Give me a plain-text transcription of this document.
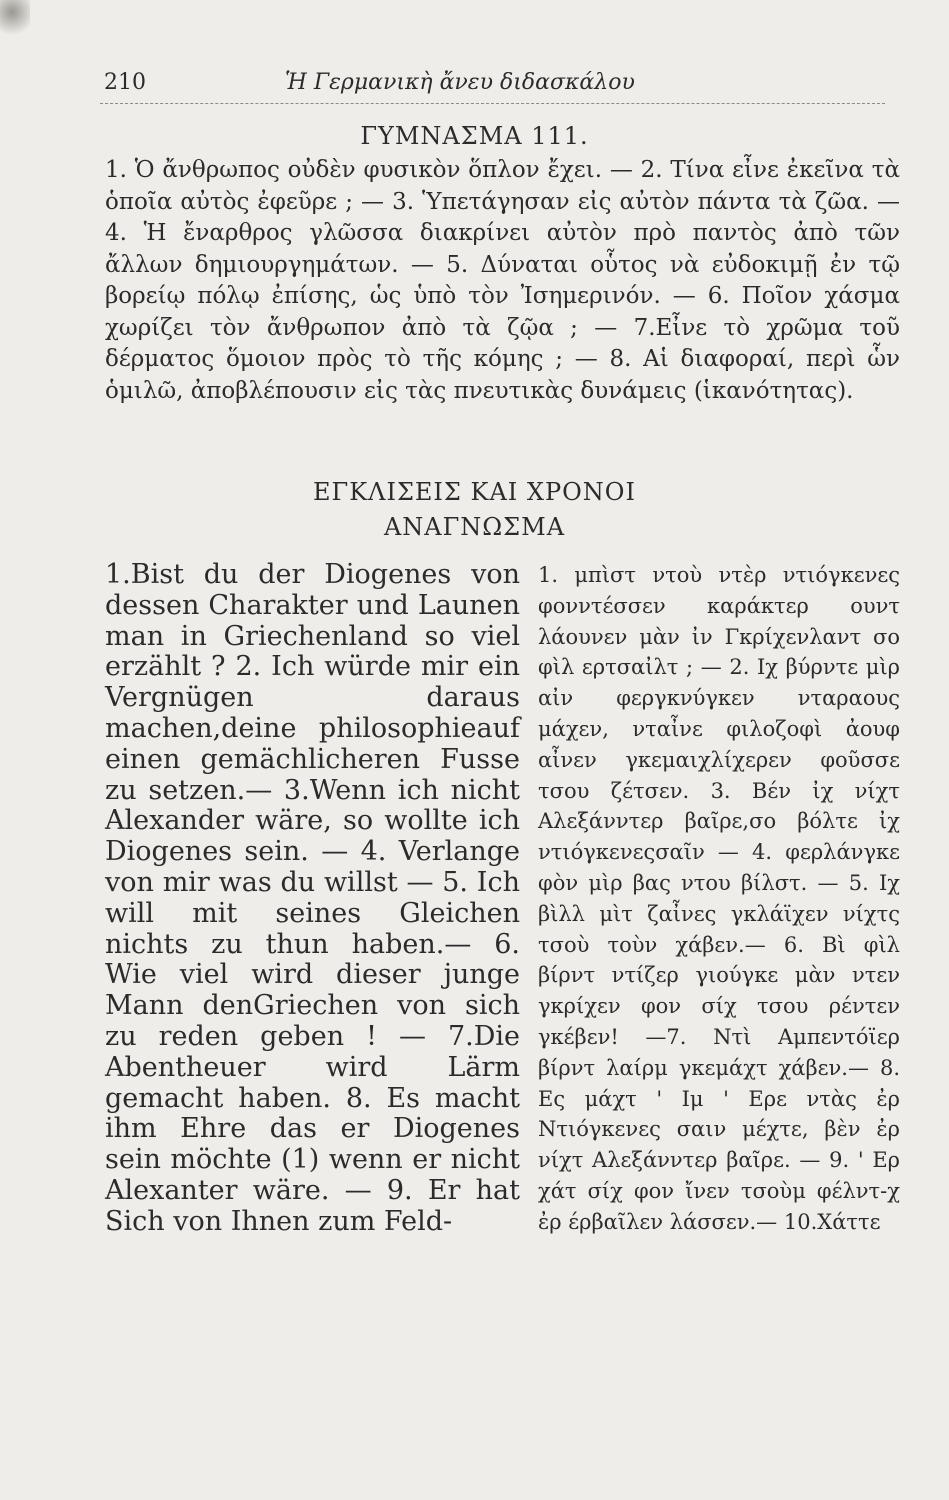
210	Ἡ Γερμανικὴ ἄνευ διδασκάλου
ΓΥΜΝΑΣΜΑ 111.
1. Ὁ ἄνθρωπος οὐδὲν φυσικὸν ὅπλον ἔχει. — 2. Τίνα εἶνε ἐκεῖνα τὰ ὁποῖα αὐτὸς ἐφεῦρε ; — 3. Ὑπετάγησαν εἰς αὐτὸν πάντα τὰ ζῶα. — 4. Ἡ ἔναρθρος γλῶσσα διακρίνει αὐτὸν πρὸ παντὸς ἀπὸ τῶν ἄλλων δημιουργημάτων. — 5. Δύναται οὗτος νὰ εὐδοκιμῇ ἐν τῷ βορείῳ πόλῳ ἐπίσης, ὡς ὑπὸ τὸν Ἰσημερινόν. — 6. Ποῖον χάσμα χωρίζει τὸν ἄνθρωπον ἀπὸ τὰ ζῷα ; — 7.Εἶνε τὸ χρῶμα τοῦ δέρματος ὅμοιον πρὸς τὸ τῆς κόμης ; — 8. Αἱ διαφοραί, περὶ ὧν ὁμιλῶ, ἀποβλέπουσιν εἰς τὰς πνευτικὰς δυνάμεις (ἱκανότητας).
ΕΓΚΛΙΣΕΙΣ ΚΑΙ ΧΡΟΝΟΙ
ΑΝΑΓΝΩΣΜΑ
1.Bist du der Diogenes von dessen Charakter und Launen man in Griechenland so viel erzählt ? 2. Ich würde mir ein Vergnügen daraus machen,deine philosophieauf einen gemächlicheren Fusse zu setzen.— 3.Wenn ich nicht Alexander wäre, so wollte ich Diogenes sein. — 4. Verlange von mir was du willst — 5. Ich will mit seines Gleichen nichts zu thun haben.— 6. Wie viel wird dieser junge Mann denGriechen von sich zu reden geben ! — 7.Die Abentheuer wird Lärm gemacht haben. 8. Es macht ihm Ehre das er Diogenes sein möchte (1) wenn er nicht Alexanter wäre. — 9. Er hat Sich von Ihnen zum Feld-
1. μπὶστ ντοὺ ντὲρ ντιόγκενες φονντέσσεν καράκτερ ουντ λάουνεν μὰν ἰν Γκρίχενλαντ σο φὶλ ερτσαἰλτ ; — 2. Ιχ βύρντε μὶρ αἰν φεργκνύγκεν νταραους μάχεν, νταἶνε φιλοζοφὶ ἀουφ αἶνεν γκεμαιχλίχερεν φοῦσσε τσου ζέτσεν. 3. Βέν ἰχ νίχτ Αλεξάνντερ βαῖρε,σο βόλτε ἰχ ντιόγκενεςσαῖν — 4. φερλάνγκε φὸν μὶρ βας ντου βίλστ. — 5. Ιχ βὶλλ μὶτ ζαἶνες γκλάϊχεν νίχτς τσοὺ τοὺν χάβεν.— 6. Βὶ φὶλ βίρντ ντίζερ γιούγκε μὰν ντεν γκρίχεν φον σίχ τσου ρέντεν γκέβεν! —7. Ντὶ Αμπεντόϊερ βίρντ λαίρμ γκεμάχτ χάβεν.— 8. Ες μάχτ ' Ιμ ' Ερε ντὰς ἐρ Ντιόγκενες σαιν μέχτε, βὲν ἐρ νίχτ Αλεξάνντερ βαῖρε. — 9. ' Ερ χάτ σίχ φον ἴνεν τσοὺμ φέλντ-χ ἐρ έρβαῖλεν λάσσεν.— 10.Χάττε
